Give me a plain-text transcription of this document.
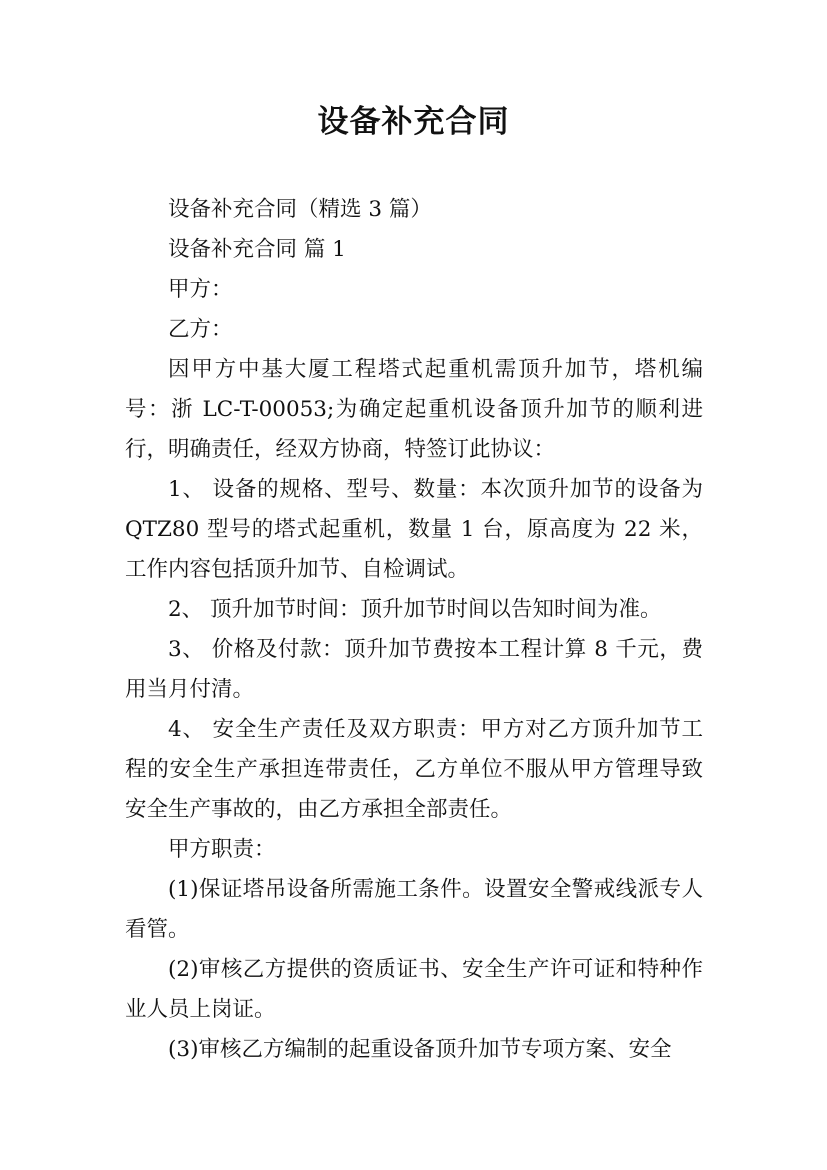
设备补充合同

设备补充合同（精选 3 篇）

设备补充合同 篇 1

甲方：

乙方：

因甲方中基大厦工程塔式起重机需顶升加节，塔机编号：浙 LC-T-00053;为确定起重机设备顶升加节的顺利进行，明确责任，经双方协商，特签订此协议：

1、 设备的规格、型号、数量：本次顶升加节的设备为 QTZ80 型号的塔式起重机，数量 1 台，原高度为 22 米，工作内容包括顶升加节、自检调试。

2、 顶升加节时间：顶升加节时间以告知时间为准。

3、 价格及付款：顶升加节费按本工程计算 8 千元，费用当月付清。

4、 安全生产责任及双方职责：甲方对乙方顶升加节工程的安全生产承担连带责任，乙方单位不服从甲方管理导致安全生产事故的，由乙方承担全部责任。

甲方职责：

(1)保证塔吊设备所需施工条件。设置安全警戒线派专人看管。

(2)审核乙方提供的资质证书、安全生产许可证和特种作业人员上岗证。

(3)审核乙方编制的起重设备顶升加节专项方案、安全
